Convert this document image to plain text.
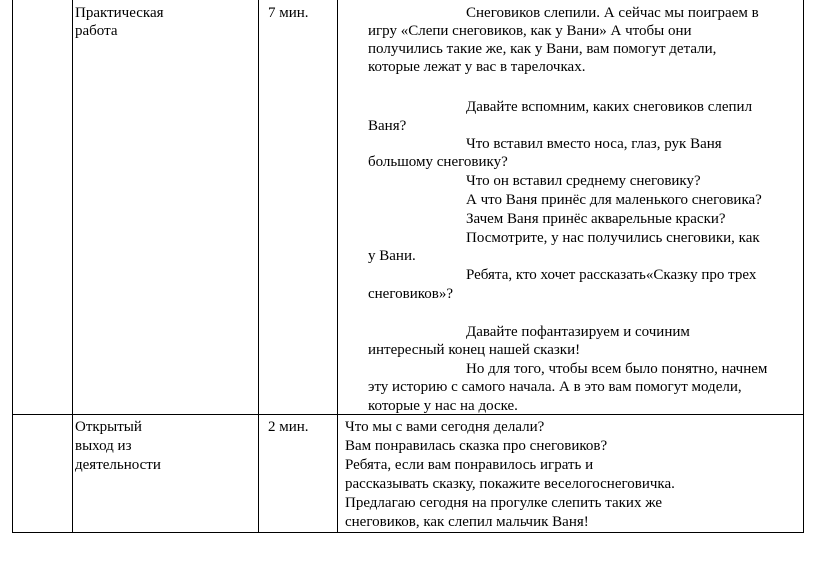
Практическая
работа
7 мин.	Снеговиков слепили. А сейчас мы поиграем в
игру «Слепи снеговиков, как у Вани» А чтобы они
получились такие же, как у Вани, вам помогут детали,
которые лежат у вас в тарелочках.
Давайте вспомним, каких снеговиков слепил
Ваня?
Что вставил вместо носа, глаз, рук Ваня
большому снеговику?
Что он вставил среднему снеговику?
А что Ваня принёс для маленького снеговика?
Зачем Ваня принёс акварельные краски?
Посмотрите, у нас получились снеговики, как
у Вани.
Ребята, кто хочет рассказать«Сказку про трех
снеговиков»?
Давайте пофантазируем и сочиним
интересный конец нашей сказки!
Но для того, чтобы всем было понятно, начнем
эту историю с самого начала. А в это вам помогут модели,
которые у нас на доске.
Открытый
выход из
деятельности
2 мин. Что мы с вами сегодня делали?
Вам понравилась сказка про снеговиков?
Ребята, если вам понравилось играть и
рассказывать сказку, покажите веселогоснеговичка.
Предлагаю сегодня на прогулке слепить таких же
снеговиков, как слепил мальчик Ваня!
